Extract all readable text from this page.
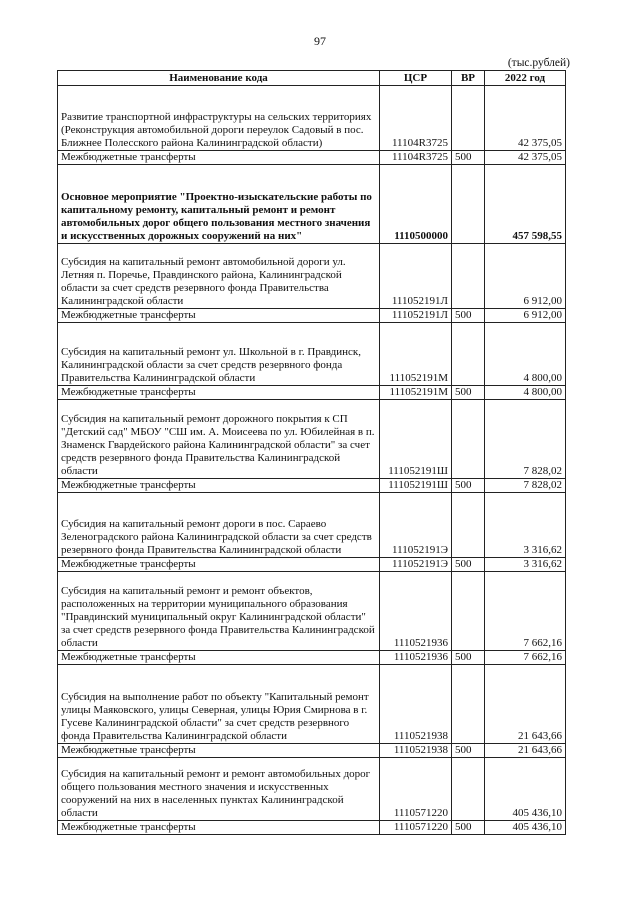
97
(тыс.рублей)
Наименование кода	ЦСР	ВР	2022 год
Развитие транспортной инфраструктуры на сельских территориях (Реконструкция автомобильной дороги переулок Садовый в пос. Ближнее Полесского района Калининградской области)	11104R3725		42 375,05
Межбюджетные трансферты	11104R3725	500	42 375,05
Основное мероприятие "Проектно-изыскательские работы по капитальному ремонту, капитальный ремонт и ремонт автомобильных дорог общего пользования местного значения и искусственных дорожных сооружений на них"	1110500000		457 598,55
Субсидия на капитальный ремонт автомобильной дороги ул. Летняя п. Поречье, Правдинского района, Калининградской области за счет средств резервного фонда Правительства Калининградской области	111052191Л		6 912,00
Межбюджетные трансферты	111052191Л	500	6 912,00
Субсидия на капитальный ремонт ул. Школьной в г. Правдинск, Калининградской области за счет средств резервного фонда Правительства Калининградской области	111052191М		4 800,00
Межбюджетные трансферты	111052191М	500	4 800,00
Субсидия на капитальный ремонт дорожного покрытия к СП "Детский сад" МБОУ "СШ им. А. Моисеева по ул. Юбилейная в п. Знаменск Гвардейского района Калининградской области" за счет средств резервного фонда Правительства Калининградской области	111052191Ш		7 828,02
Межбюджетные трансферты	111052191Ш	500	7 828,02
Субсидия на капитальный ремонт дороги в пос. Сараево Зеленоградского района Калининградской области за счет средств резервного фонда Правительства Калининградской области	111052191Э		3 316,62
Межбюджетные трансферты	111052191Э	500	3 316,62
Субсидия на капитальный ремонт и ремонт объектов, расположенных на территории муниципального образования "Правдинский муниципальный округ Калининградской области" за счет средств резервного фонда Правительства Калининградской области	1110521936		7 662,16
Межбюджетные трансферты	1110521936	500	7 662,16
Субсидия на выполнение работ по объекту "Капитальный ремонт улицы Маяковского, улицы Северная, улицы Юрия Смирнова в г. Гусеве Калининградской области" за счет средств резервного фонда Правительства Калининградской области	1110521938		21 643,66
Межбюджетные трансферты	1110521938	500	21 643,66
Субсидия на капитальный ремонт и ремонт автомобильных дорог общего пользования местного значения и искусственных сооружений на них в населенных пунктах Калининградской области	1110571220		405 436,10
Межбюджетные трансферты	1110571220	500	405 436,10
